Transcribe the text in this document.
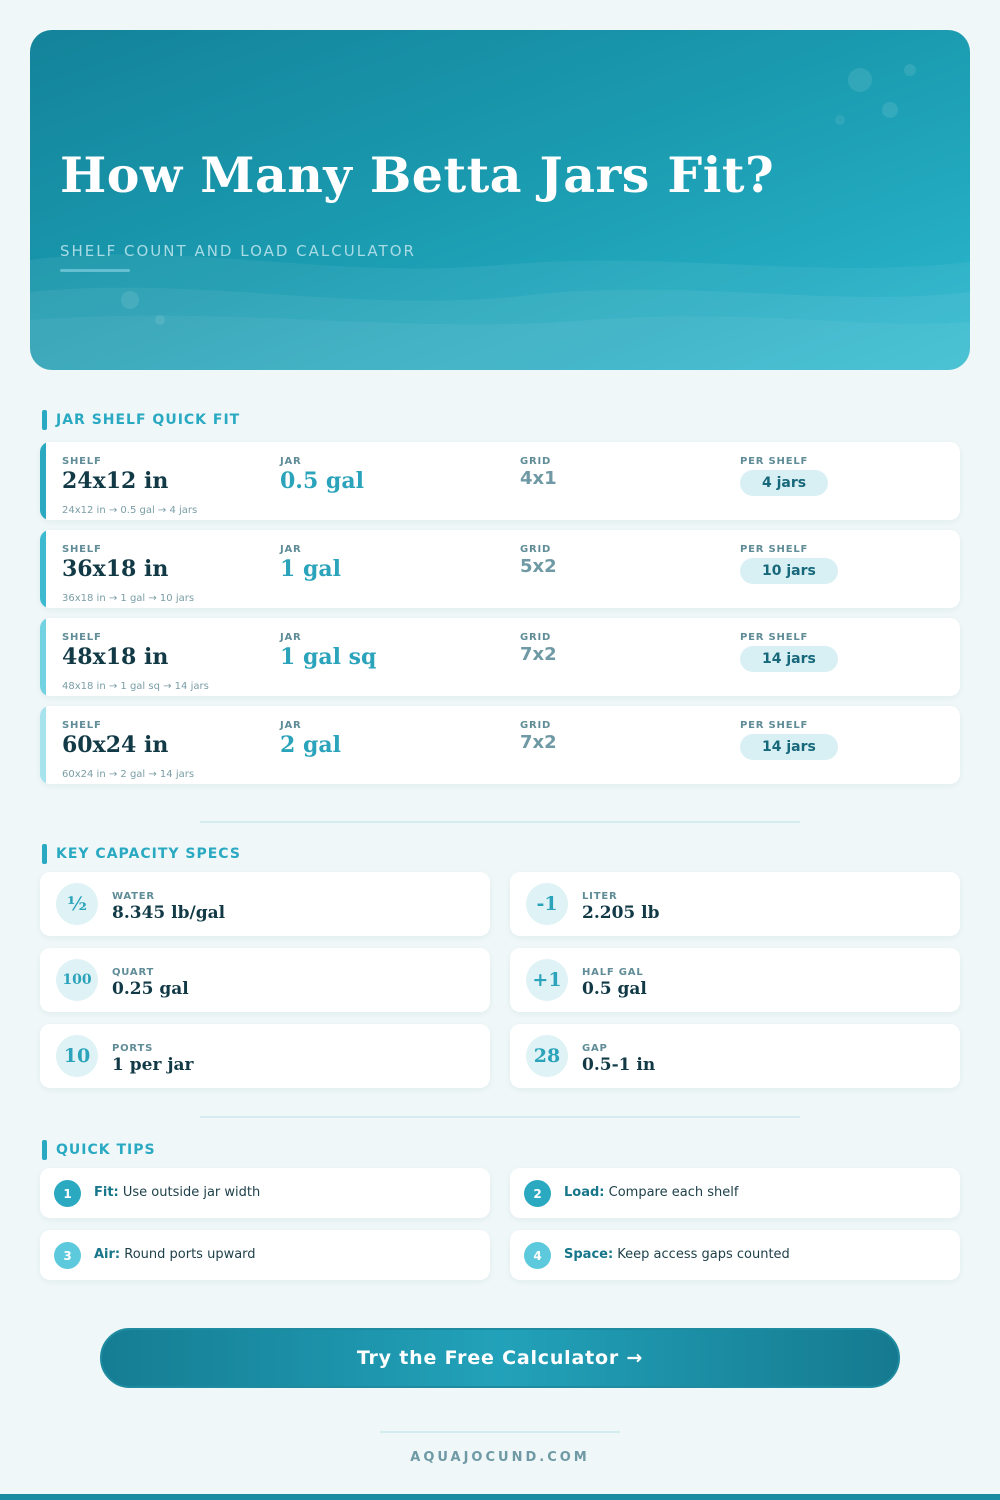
How Many Betta Jars Fit?
SHELF COUNT AND LOAD CALCULATOR
JAR SHELF QUICK FIT
SHELF
24x12 in
JAR
0.5 gal
GRID
4x1
PER SHELF
4 jars
24x12 in → 0.5 gal → 4 jars
SHELF
36x18 in
JAR
1 gal
GRID
5x2
PER SHELF
10 jars
36x18 in → 1 gal → 10 jars
SHELF
48x18 in
JAR
1 gal sq
GRID
7x2
PER SHELF
14 jars
48x18 in → 1 gal sq → 14 jars
SHELF
60x24 in
JAR
2 gal
GRID
7x2
PER SHELF
14 jars
60x24 in → 2 gal → 14 jars
KEY CAPACITY SPECS
½	WATER
8.345 lb/gal	-1	LITER
2.205 lb
100	QUART
0.25 gal	+1	HALF GAL
0.5 gal
10	PORTS
1 per jar	28	GAP
0.5-1 in
QUICK TIPS
1	Fit: Use outside jar width	2	Load: Compare each shelf
3	Air: Round ports upward	4	Space: Keep access gaps counted
Try the Free Calculator →
AQUAJOCUND.COM
